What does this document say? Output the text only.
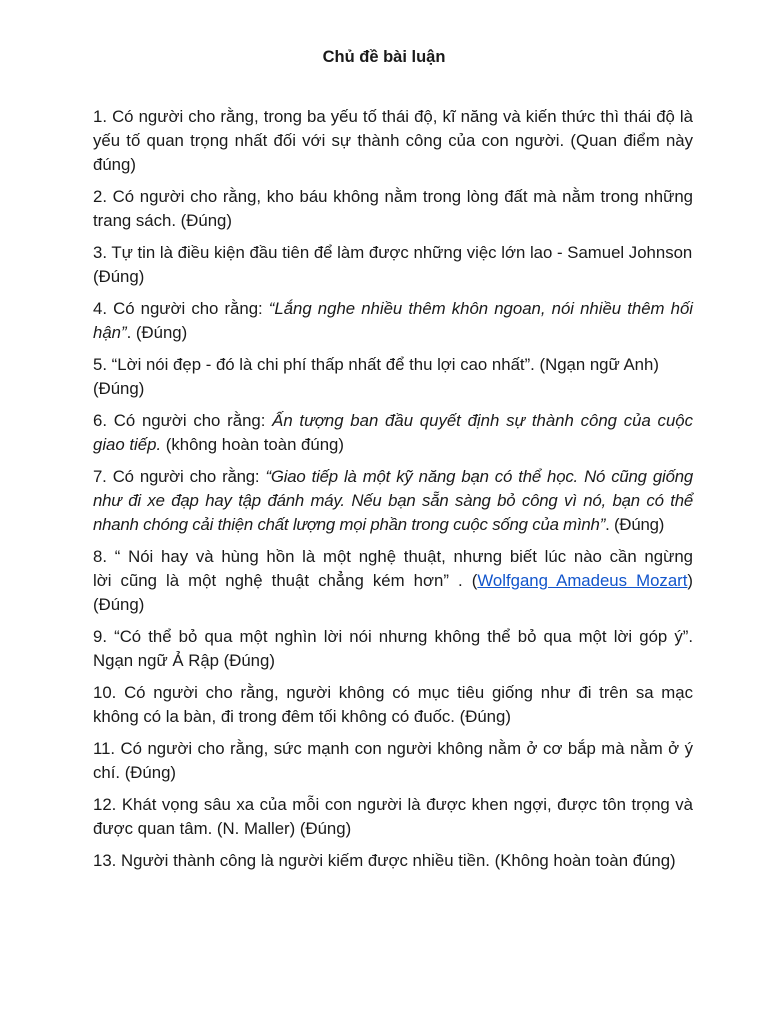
Chủ đề bài luận

1. Có người cho rằng, trong ba yếu tố thái độ, kĩ năng và kiến thức thì thái độ là yếu tố quan trọng nhất đối với sự thành công của con người. (Quan điểm này đúng)

2. Có người cho rằng, kho báu không nằm trong lòng đất mà nằm trong những trang sách. (Đúng)

3. Tự tin là điều kiện đầu tiên để làm được những việc lớn lao - Samuel Johnson (Đúng)

4. Có người cho rằng: “Lắng nghe nhiều thêm khôn ngoan, nói nhiều thêm hối hận”. (Đúng)

5. “Lời nói đẹp - đó là chi phí thấp nhất để thu lợi cao nhất”. (Ngạn ngữ Anh) (Đúng)

6. Có người cho rằng: Ấn tượng ban đầu quyết định sự thành công của cuộc giao tiếp. (không hoàn toàn đúng)

7. Có người cho rằng: “Giao tiếp là một kỹ năng bạn có thể học. Nó cũng giống như đi xe đạp hay tập đánh máy. Nếu bạn sẵn sàng bỏ công vì nó, bạn có thể nhanh chóng cải thiện chất lượng mọi phần trong cuộc sống của mình”. (Đúng)

8. “ Nói hay và hùng hồn là một nghệ thuật, nhưng biết lúc nào cần ngừng lời cũng là một nghệ thuật chẳng kém hơn” . (Wolfgang Amadeus Mozart) (Đúng)

9. “Có thể bỏ qua một nghìn lời nói nhưng không thể bỏ qua một lời góp ý”. Ngạn ngữ Ả Rập (Đúng)

10. Có người cho rằng, người không có mục tiêu giống như đi trên sa mạc không có la bàn, đi trong đêm tối không có đuốc. (Đúng)

11. Có người cho rằng, sức mạnh con người không nằm ở cơ bắp mà nằm ở ý chí. (Đúng)

12. Khát vọng sâu xa của mỗi con người là được khen ngợi, được tôn trọng và được quan tâm. (N. Maller) (Đúng)

13. Người thành công là người kiếm được nhiều tiền. (Không hoàn toàn đúng)
